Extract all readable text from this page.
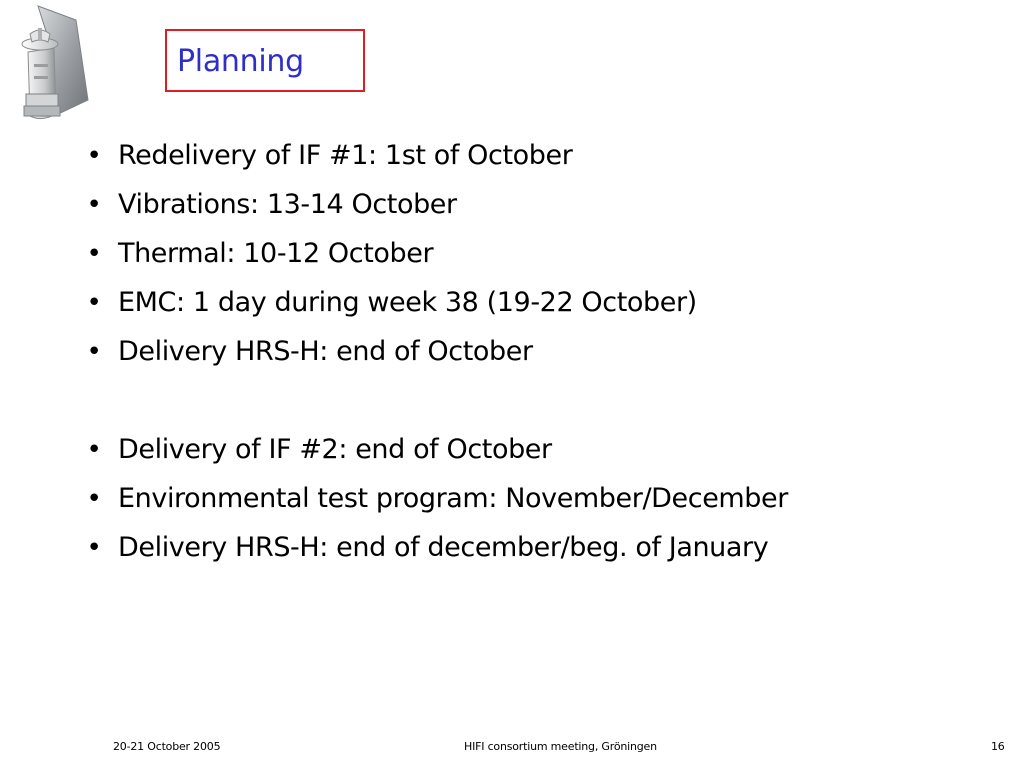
Planning
• Redelivery of IF #1: 1st of October
• Vibrations: 13-14 October
• Thermal: 10-12 October
• EMC: 1 day during week 38 (19-22 October)
• Delivery HRS-H: end of October
• Delivery of IF #2: end of October
• Environmental test program: November/December
• Delivery HRS-H: end of december/beg. of January
20-21 October 2005	HIFI consortium meeting, Gröningen	16
